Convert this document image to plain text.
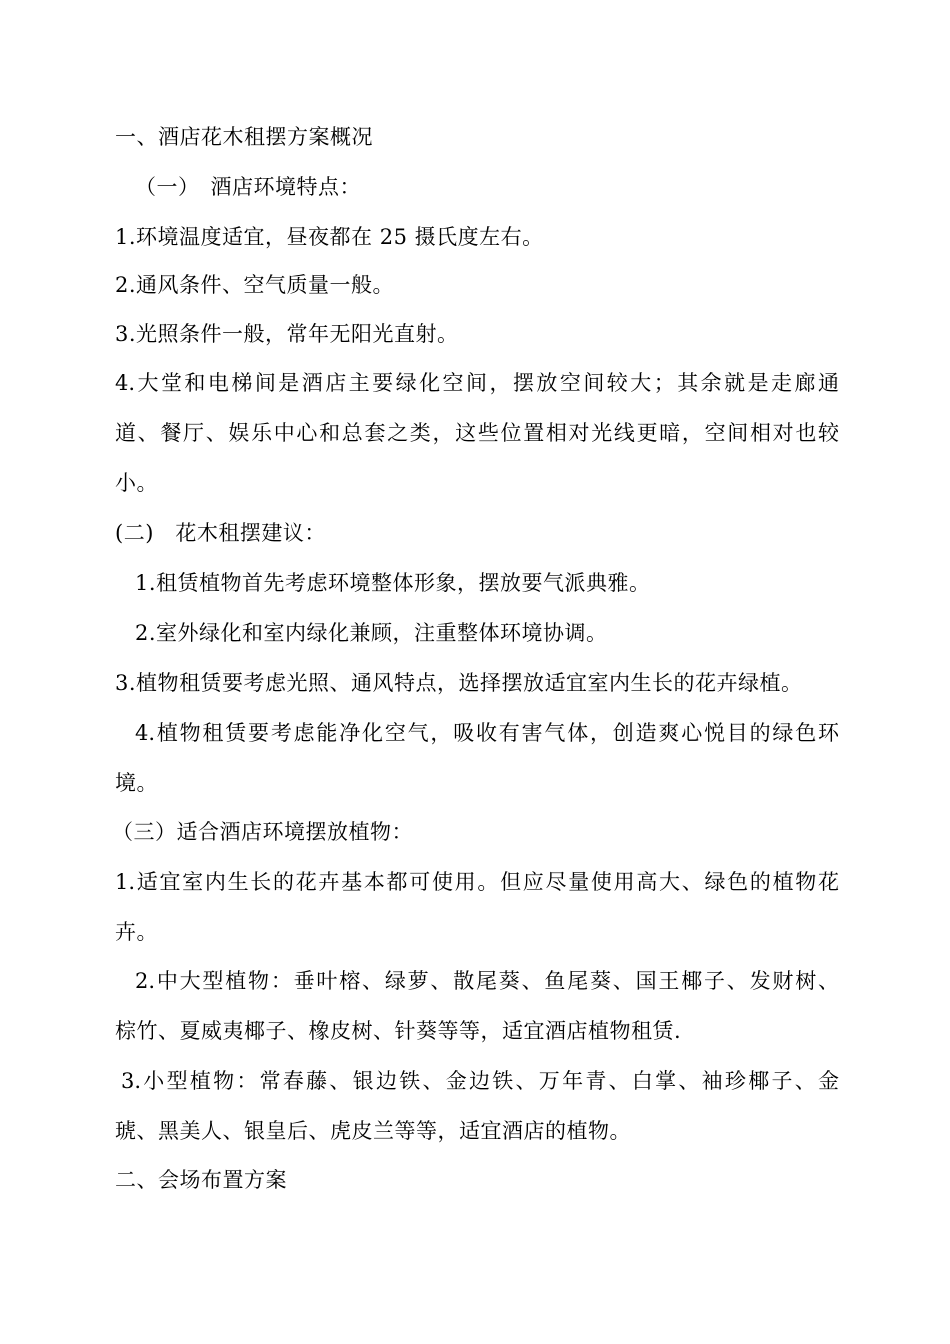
一、酒店花木租摆方案概况
（一）　酒店环境特点：
1.环境温度适宜，昼夜都在 25 摄氏度左右。
2.通风条件、空气质量一般。
3.光照条件一般，常年无阳光直射。
4.大堂和电梯间是酒店主要绿化空间，摆放空间较大；其余就是走廊通
道、餐厅、娱乐中心和总套之类，这些位置相对光线更暗，空间相对也较
小。
(二)　花木租摆建议：
1.租赁植物首先考虑环境整体形象，摆放要气派典雅。
2.室外绿化和室内绿化兼顾，注重整体环境协调。
3.植物租赁要考虑光照、通风特点，选择摆放适宜室内生长的花卉绿植。
4.植物租赁要考虑能净化空气，吸收有害气体，创造爽心悦目的绿色环
境。
（三）适合酒店环境摆放植物：
1.适宜室内生长的花卉基本都可使用。但应尽量使用高大、绿色的植物花
卉。
2.中大型植物：垂叶榕、绿萝、散尾葵、鱼尾葵、国王椰子、发财树、
棕竹、夏威夷椰子、橡皮树、针葵等等，适宜酒店植物租赁.
3.小型植物：常春藤、银边铁、金边铁、万年青、白掌、袖珍椰子、金
琥、黑美人、银皇后、虎皮兰等等，适宜酒店的植物。
二、会场布置方案
